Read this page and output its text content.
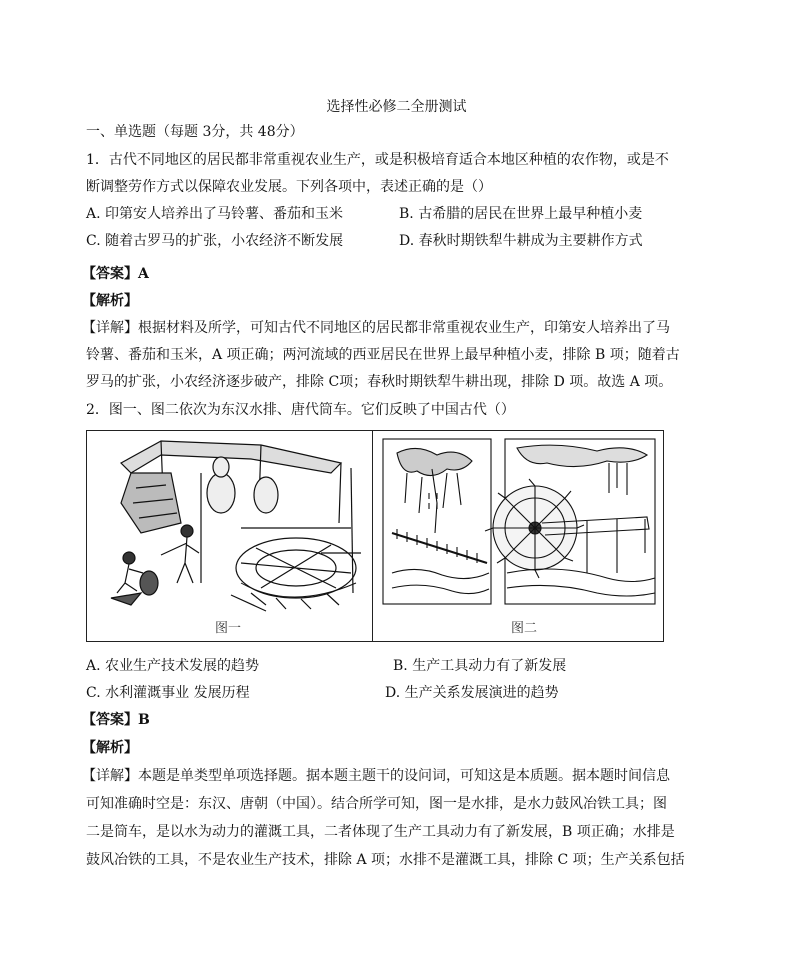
选择性必修二全册测试
一、单选题（每题 3分，共 48分）
1．古代不同地区的居民都非常重视农业生产，或是积极培育适合本地区种植的农作物，或是不
断调整劳作方式以保障农业发展。下列各项中，表述正确的是（）
A. 印第安人培养出了马铃薯、番茄和玉米	B. 古希腊的居民在世界上最早种植小麦
C. 随着古罗马的扩张，小农经济不断发展	D. 春秋时期铁犁牛耕成为主要耕作方式
【答案】A
【解析】
【详解】根据材料及所学，可知古代不同地区的居民都非常重视农业生产，印第安人培养出了马
铃薯、番茄和玉米，A 项正确；两河流域的西亚居民在世界上最早种植小麦，排除 B 项；随着古
罗马的扩张，小农经济逐步破产，排除 C项；春秋时期铁犁牛耕出现，排除 D 项。故选 A 项。
2．图一、图二依次为东汉水排、唐代筒车。它们反映了中国古代（）
图一	图二
A. 农业生产技术发展的趋势	B. 生产工具动力有了新发展
C. 水利灌溉事业 发展历程	D. 生产关系发展演进的趋势
【答案】B
【解析】
【详解】本题是单类型单项选择题。据本题主题干的设问词，可知这是本质题。据本题时间信息
可知准确时空是：东汉、唐朝（中国）。结合所学可知，图一是水排，是水力鼓风冶铁工具；图
二是筒车，是以水为动力的灌溉工具，二者体现了生产工具动力有了新发展，B 项正确；水排是
鼓风冶铁的工具，不是农业生产技术，排除 A 项；水排不是灌溉工具，排除 C 项；生产关系包括
